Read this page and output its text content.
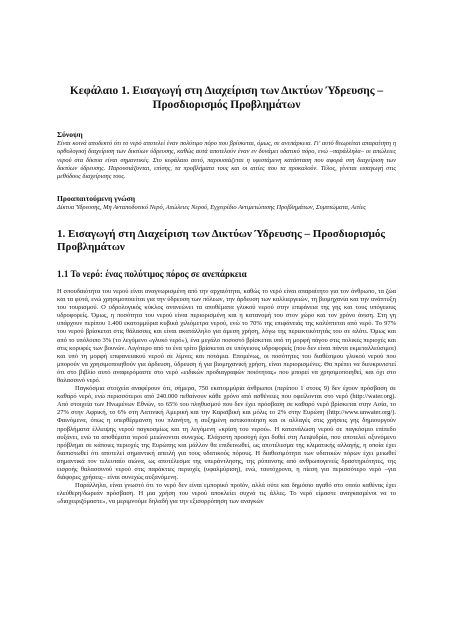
Κεφάλαιο 1. Εισαγωγή στη Διαχείριση των Δικτύων Ύδρευσης – Προσδιορισμός Προβλημάτων
Σύνοψη

Είναι κοινά αποδεκτό ότι το νερό αποτελεί έναν πολύτιμο πόρο που βρίσκεται, όμως, σε ανεπάρκεια. Γι' αυτό θεωρείται απαραίτητη η ορθολογική διαχείριση των δικτύων ύδρευσης, καθώς αυτά αποτελούν έναν εν δυνάμει υδατικό πόρο, ενώ –παράλληλα– οι απώλειες νερού στα δίκτυα είναι σημαντικές. Στο κεφάλαιο αυτό, παρουσιάζεται η υφιστάμενη κατάσταση που αφορά στη διαχείριση των δικτύων ύδρευσης. Παρουσιάζονται, επίσης, τα προβλήματα τους και οι αιτίες που τα προκαλούν. Τέλος, γίνεται εισαγωγή στις μεθόδους διαχείρισης τους.

Προαπαιτούμενη γνώση

Δίκτυα Ύδρευσης, Μη Ανταποδοτικό Νερό, Απώλειες Νερού, Εγχειρίδιο Αντιμετώπισης Προβλημάτων, Συμπτώματα, Αιτίες

1. Εισαγωγή στη Διαχείριση των Δικτύων Ύδρευσης – Προσδιορισμός Προβλημάτων
1.1 Το νερό: ένας πολύτιμος πόρος σε ανεπάρκεια

Η σπουδαιότητα του νερού είναι αναγνωρισμένη από την αρχαιότητα, καθώς το νερό είναι απαραίτητο για τον άνθρωπο, τα ζώα και τα φυτά, ενώ χρησιμοποιείται για την ύδρευση των πόλεων, την άρδευση των καλλιεργειών, τη βιομηχανία και την ανάπτυξη του τουρισμού. Ο υδρολογικός κύκλος ανανεώνει τα αποθέματα γλυκού νερού στην επιφάνεια της γης και τους υπόγειους υδροφορείς. Όμως, η ποσότητα του νερού είναι περιορισμένη και η κατανομή του στον χώρο και τον χρόνο άνιση. Στη γη υπάρχουν περίπου 1.400 εκατομμύρια κυβικά χιλιόμετρα νερού, ενώ το 70% της επιφάνειάς της καλύπτεται από νερό. Το 97% του νερού βρίσκεται στις θάλασσες και είναι ακατάλληλο για άμεση χρήση, λόγω της περιεκτικότητάς του σε αλάτι. Όμως και από το υπόλοιπο 3% (το λεγόμενο «γλυκό νερό»), ένα μεγάλο ποσοστό βρίσκεται υπό τη μορφή πάγου στις πολικές περιοχές και στις κορυφές των βουνών. Λιγότερο από το ένα τρίτο βρίσκεται σε υπόγειους υδροφορείς (που δεν είναι πάντα εκμεταλλεύσιμοι) και υπό τη μορφή επιφανειακού νερού σε λίμνες και ποτάμια. Επομένως, οι ποσότητες του διαθέσιμου γλυκού νερού που μπορούν να χρησιμοποιηθούν για άρδευση, ύδρευση ή για βιομηχανική χρήση, είναι περιορισμένες. Θα πρέπει να διευκρινιστεί ότι στο βιβλίο αυτό αναφερόμαστε στο νερό «ειδικών προδιαγραφών ποιότητας» που μπορεί να χρησιμοποιηθεί, και όχι στο θαλασσινό νερό.

Παγκόσμια στοιχεία αναφέρουν ότι, σήμερα, 750 εκατομμύρια άνθρωποι (περίπου 1 στους 9) δεν έχουν πρόσβαση σε καθαρό νερό, ενώ περισσότεροι από 240.000 πεθαίνουν κάθε χρόνο από ασθένειες που οφείλονται στο νερό (http://water.org). Από στοιχεία των Ηνωμένων Εθνών, το 65% του πληθυσμού που δεν έχει πρόσβαση σε καθαρό νερό βρίσκεται στην Ασία, το 27% στην Αφρική, το 6% στη Λατινική Αμερική και την Καραϊβική και μόλις το 2% στην Ευρώπη (http://www.unwater.org/). Φαινόμενα, όπως η υπερθέρμανση του πλανήτη, η αυξημένη αστικοποίηση και οι αλλαγές στις χρήσεις γης δημιουργούν προβλήματα έλλειψης νερού παγκοσμίως και τη λεγόμενη «κρίση του νερού». Η κατανάλωση νερού σε παγκόσμιο επίπεδο αυξάνει, ενώ τα αποθέματα νερού μειώνονται συνεχώς. Ελάχιστη προσοχή έχει δοθεί στη Λειψυδρία, που αποτελεί οξυνόμενο πρόβλημα σε κάποιες περιοχές της Ευρώπης και μάλλον θα επιδεινωθεί, ως αποτέλεσμα της κλιματικής αλλαγής, η οποία έχει διαπιστωθεί ότι αποτελεί σημαντική απειλή για τους υδατικούς πόρους. Η διαθεσιμότητα των υδατικών πόρων έχει μειωθεί σημαντικά τον τελευταίο αιώνα, ως αποτέλεσμα της υπεράντλησης, της ρύπανσης από ανθρωπογενείς δραστηριότητες, της εισροής θαλασσινού νερού στις παράκτιες περιοχές (υφαλμύριση), ενώ, ταυτόχρονα, η πίεση για περισσότερο νερό –για διάφορες χρήσεις– είναι συνεχώς αυξανόμενη.

Παράλληλα, είναι γνωστό ότι το νερό δεν είναι εμπορικό προϊόν, αλλά ούτε και δημόσιο αγαθό στο οποίο καθένας έχει ελεύθερη/δωρεάν πρόσβαση. Η μια χρήση του νερού αποκλείει συχνά τις άλλες. Το νερό είμαστε αναγκασμένοι να το «διαχειριζόμαστε», να μεριμνούμε δηλαδή για την εξισορρόπηση των αναγκών
